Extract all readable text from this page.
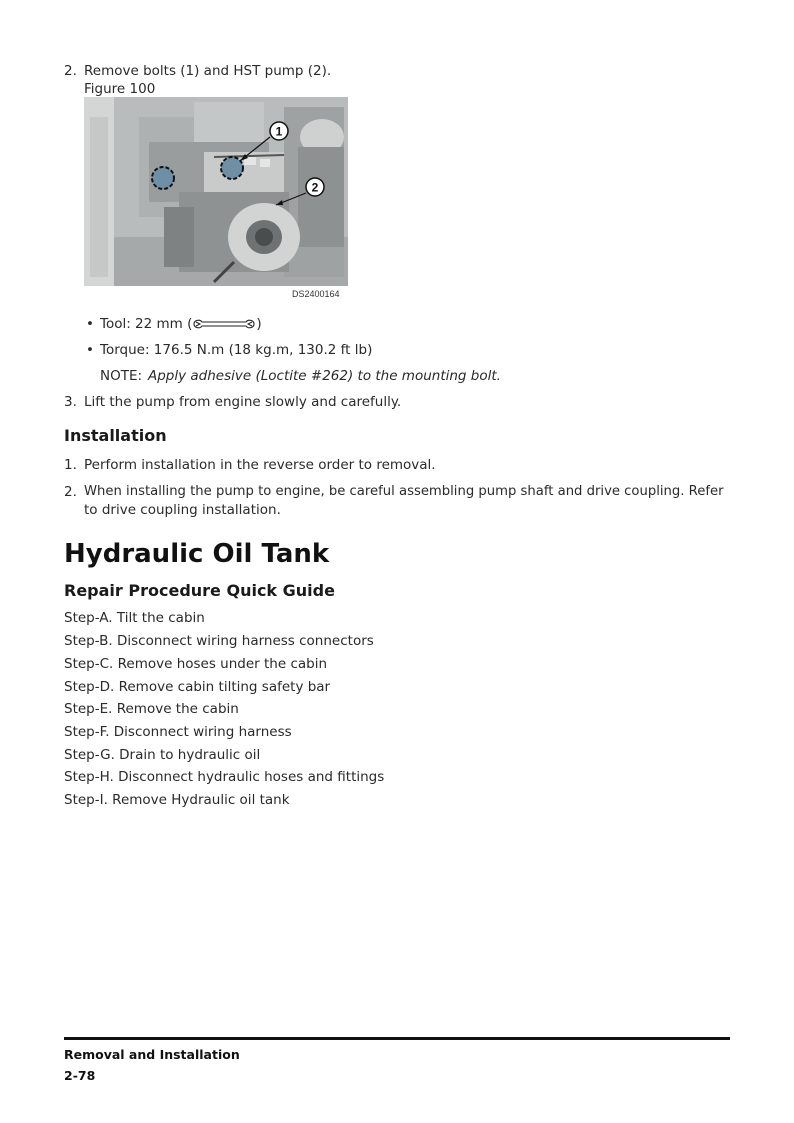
2. Remove bolts (1) and HST pump (2).
Figure 100
1
2
DS2400164
• Tool: 22 mm (	)
• Torque: 176.5 N.m (18 kg.m, 130.2 ft lb)
NOTE: Apply adhesive (Loctite #262) to the mounting bolt.
3. Lift the pump from engine slowly and carefully.
Installation
1. Perform installation in the reverse order to removal.
2. When installing the pump to engine, be careful assembling pump shaft and drive coupling. Refer
to drive coupling installation.
Hydraulic Oil Tank
Repair Procedure Quick Guide
Step-A. Tilt the cabin
Step-B. Disconnect wiring harness connectors
Step-C. Remove hoses under the cabin
Step-D. Remove cabin tilting safety bar
Step-E. Remove the cabin
Step-F. Disconnect wiring harness
Step-G. Drain to hydraulic oil
Step-H. Disconnect hydraulic hoses and fittings
Step-I. Remove Hydraulic oil tank
Removal and Installation
2-78
